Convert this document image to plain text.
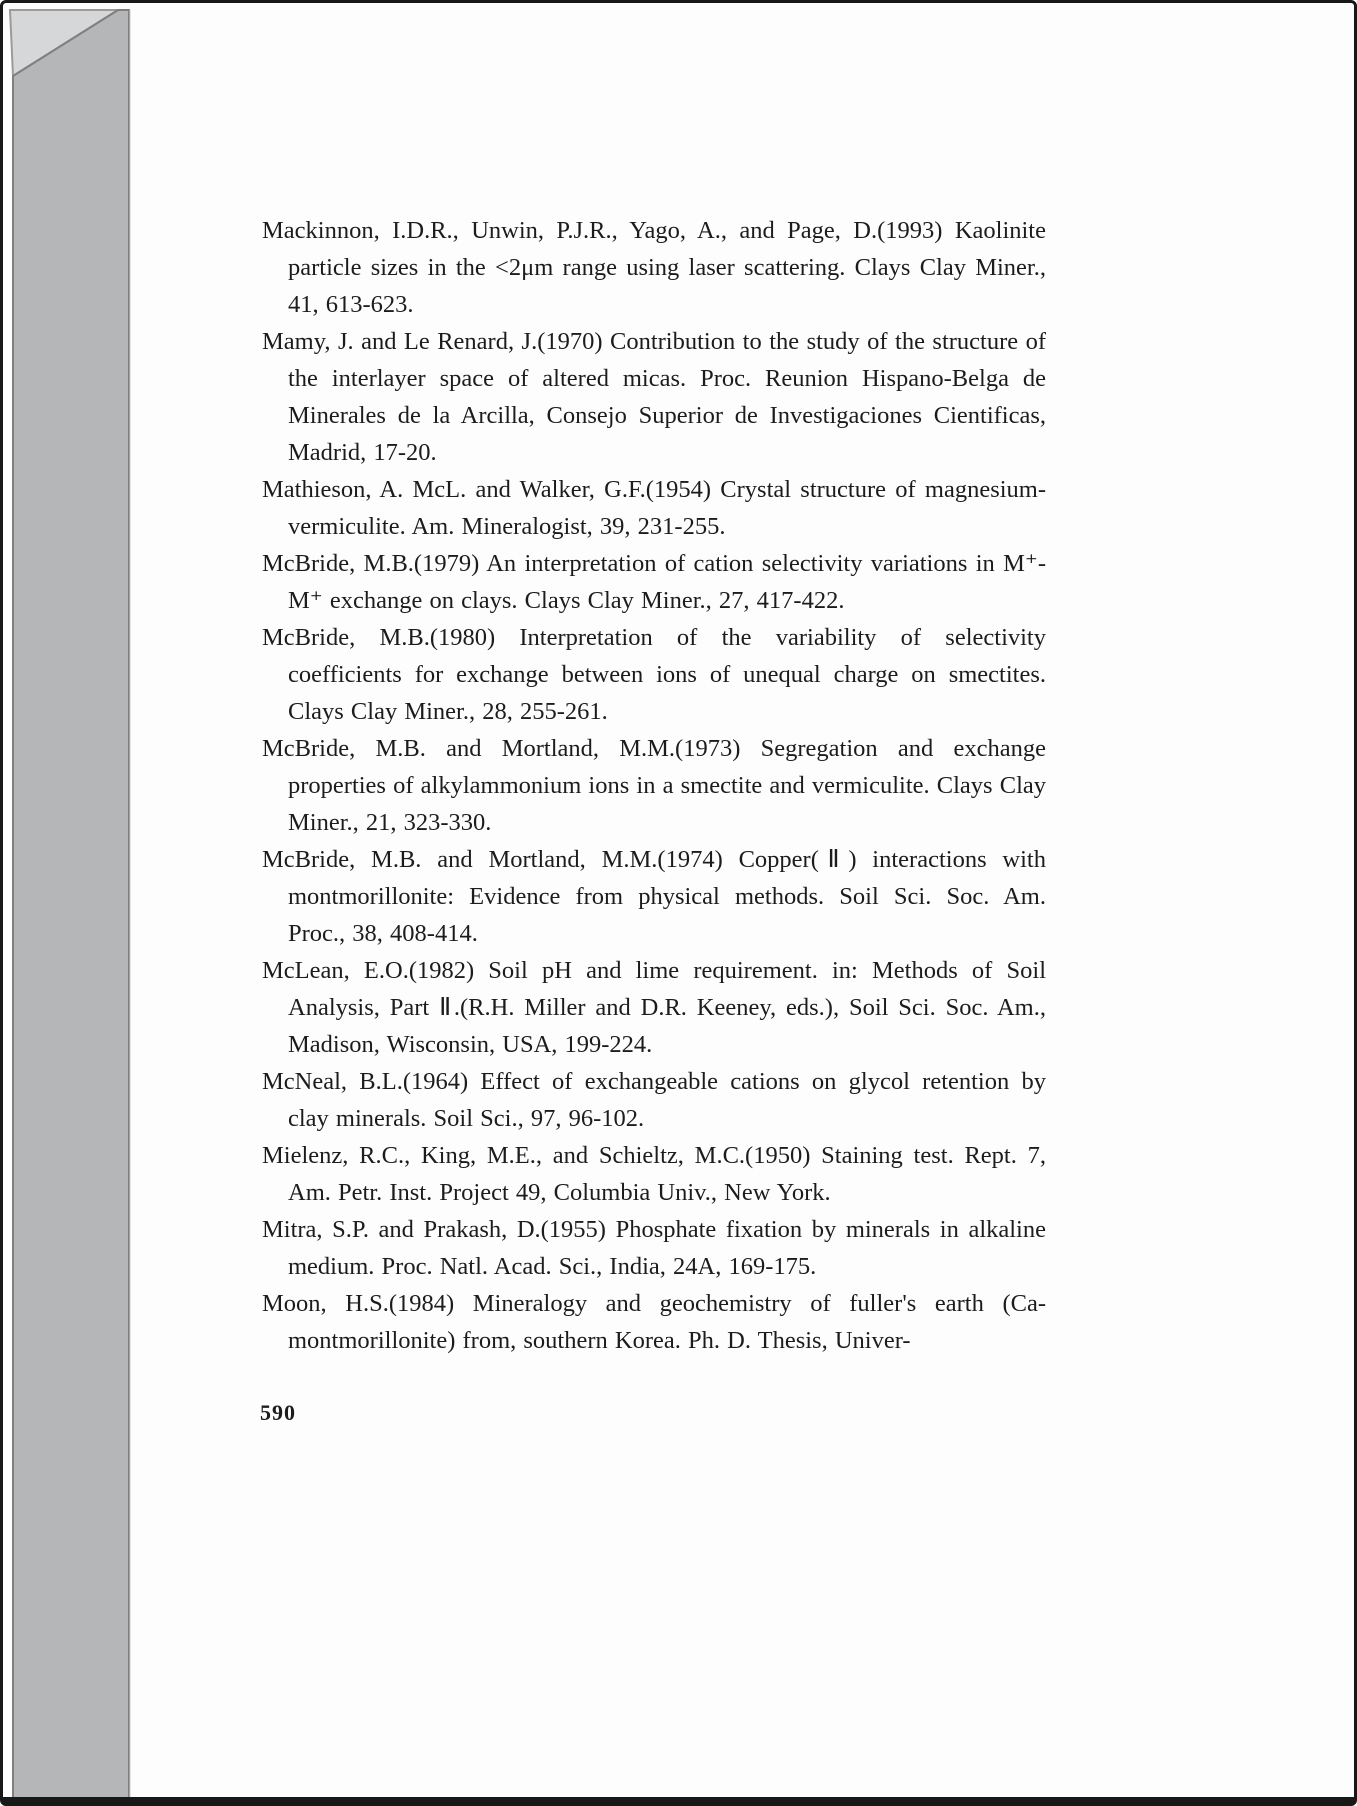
Mackinnon, I.D.R., Unwin, P.J.R., Yago, A., and Page, D.(1993) Kaolinite particle sizes in the <2μm range using laser scattering. Clays Clay Miner., 41, 613-623.

Mamy, J. and Le Renard, J.(1970) Contribution to the study of the structure of the interlayer space of altered micas. Proc. Reunion Hispano-Belga de Minerales de la Arcilla, Consejo Superior de Investigaciones Cientificas, Madrid, 17-20.

Mathieson, A. McL. and Walker, G.F.(1954) Crystal structure of magnesium-vermiculite. Am. Mineralogist, 39, 231-255.

McBride, M.B.(1979) An interpretation of cation selectivity variations in M⁺-M⁺ exchange on clays. Clays Clay Miner., 27, 417-422.

McBride, M.B.(1980) Interpretation of the variability of selectivity coefficients for exchange between ions of unequal charge on smectites. Clays Clay Miner., 28, 255-261.

McBride, M.B. and Mortland, M.M.(1973) Segregation and exchange properties of alkylammonium ions in a smectite and vermiculite. Clays Clay Miner., 21, 323-330.

McBride, M.B. and Mortland, M.M.(1974) Copper(Ⅱ) interactions with montmorillonite: Evidence from physical methods. Soil Sci. Soc. Am. Proc., 38, 408-414.

McLean, E.O.(1982) Soil pH and lime requirement. in: Methods of Soil Analysis, Part Ⅱ.(R.H. Miller and D.R. Keeney, eds.), Soil Sci. Soc. Am., Madison, Wisconsin, USA, 199-224.

McNeal, B.L.(1964) Effect of exchangeable cations on glycol retention by clay minerals. Soil Sci., 97, 96-102.

Mielenz, R.C., King, M.E., and Schieltz, M.C.(1950) Staining test. Rept. 7, Am. Petr. Inst. Project 49, Columbia Univ., New York.

Mitra, S.P. and Prakash, D.(1955) Phosphate fixation by minerals in alkaline medium. Proc. Natl. Acad. Sci., India, 24A, 169-175.

Moon, H.S.(1984) Mineralogy and geochemistry of fuller's earth (Ca-montmorillonite) from, southern Korea. Ph. D. Thesis, Univer-

590
